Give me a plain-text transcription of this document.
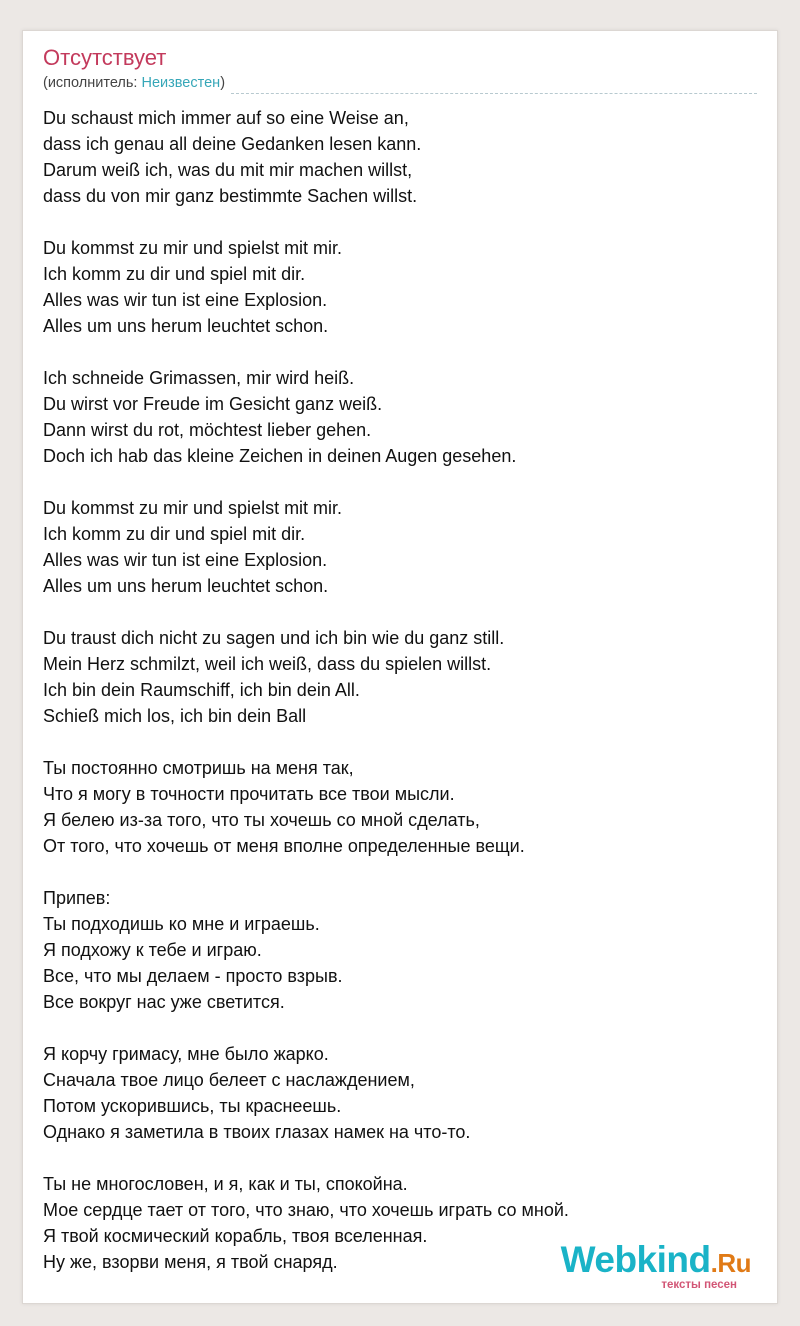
Отсутствует
(исполнитель: Неизвестен)
Du schaust mich immer auf so eine Weise an,
dass ich genau all deine Gedanken lesen kann.
Darum weiß ich, was du mit mir machen willst,
dass du von mir ganz bestimmte Sachen willst.
Du kommst zu mir und spielst mit mir.
Ich komm zu dir und spiel mit dir.
Alles was wir tun ist eine Explosion.
Alles um uns herum leuchtet schon.
Ich schneide Grimassen, mir wird heiß.
Du wirst vor Freude im Gesicht ganz weiß.
Dann wirst du rot, möchtest lieber gehen.
Doch ich hab das kleine Zeichen in deinen Augen gesehen.
Du kommst zu mir und spielst mit mir.
Ich komm zu dir und spiel mit dir.
Alles was wir tun ist eine Explosion.
Alles um uns herum leuchtet schon.
Du traust dich nicht zu sagen und ich bin wie du ganz still.
Mein Herz schmilzt, weil ich weiß, dass du spielen willst.
Ich bin dein Raumschiff, ich bin dein All.
Schieß mich los, ich bin dein Ball
Ты постоянно смотришь на меня так,
Что я могу в точности прочитать все твои мысли.
Я белею из-за того, что ты хочешь со мной сделать,
От того, что хочешь от меня вполне определенные вещи.
Припев:
Ты подходишь ко мне и играешь.
Я подхожу к тебе и играю.
Все, что мы делаем - просто взрыв.
Все вокруг нас уже светится.
Я корчу гримасу, мне было жарко.
Сначала твое лицо белеет с наслаждением,
Потом ускорившись, ты краснеешь.
Однако я заметила в твоих глазах намек на что-то.
Ты не многословен, и я, как и ты, спокойна.
Мое сердце тает от того, что знаю, что хочешь играть со мной.
Я твой космический корабль, твоя вселенная.
Ну же, взорви меня, я твой снаряд.	Webkind.Ru
тексты песен
